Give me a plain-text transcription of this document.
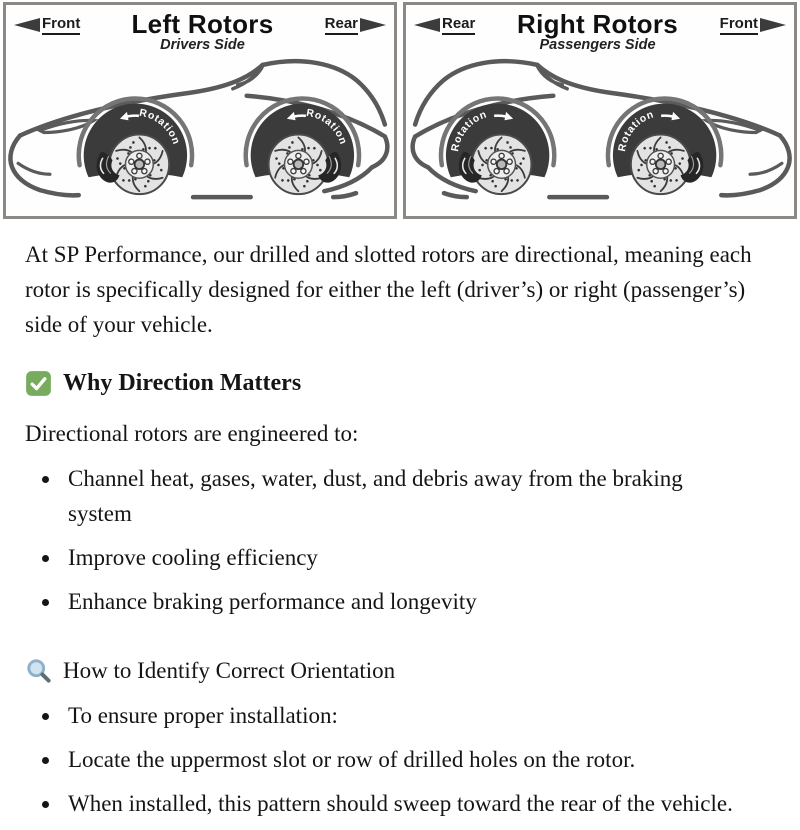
Front Left Rotors
Drivers Side
Rear	Rear Right Rotors
Passengers Side
Front

At SP Performance, our drilled and slotted rotors are directional, meaning each rotor is specifically designed for either the left (driver’s) or right (passenger’s) side of your vehicle.

Why Direction Matters

Directional rotors are engineered to:

• Channel heat, gases, water, dust, and debris away from the braking system
• Improve cooling efficiency
• Enhance braking performance and longevity
How to Identify Correct Orientation
• To ensure proper installation:
• Locate the uppermost slot or row of drilled holes on the rotor.
• When installed, this pattern should sweep toward the rear of the vehicle.
